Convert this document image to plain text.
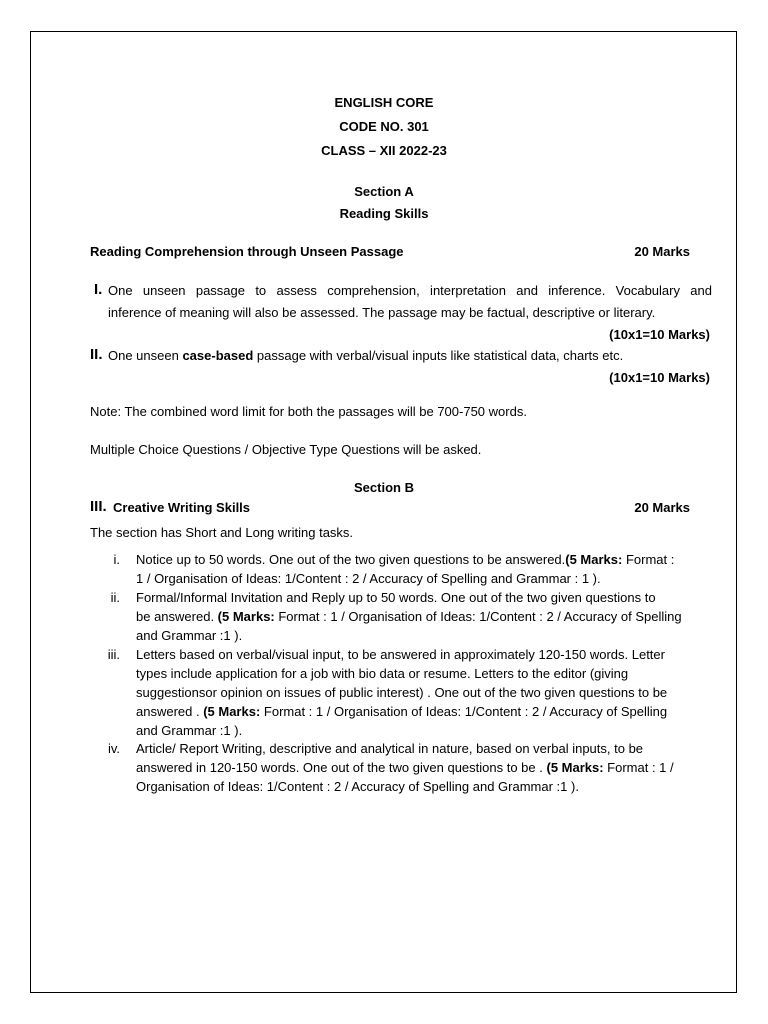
ENGLISH CORE
CODE NO. 301
CLASS – XII 2022-23
Section A
Reading Skills
Reading Comprehension through Unseen Passage	20 Marks
I. One unseen passage to assess comprehension, interpretation and inference. Vocabulary and
inference of meaning will also be assessed. The passage may be factual, descriptive or literary.
(10x1=10 Marks)
II. One unseen case-based passage with verbal/visual inputs like statistical data, charts etc.
(10x1=10 Marks)
Note: The combined word limit for both the passages will be 700-750 words.
Multiple Choice Questions / Objective Type Questions will be asked.
Section B
III. Creative Writing Skills	20 Marks
The section has Short and Long writing tasks.
i. Notice up to 50 words. One out of the two given questions to be answered.(5 Marks: Format :
1 / Organisation of Ideas: 1/Content : 2 / Accuracy of Spelling and Grammar : 1 ).
ii. Formal/Informal Invitation and Reply up to 50 words. One out of the two given questions to
be answered. (5 Marks: Format : 1 / Organisation of Ideas: 1/Content : 2 / Accuracy of Spelling
and Grammar :1 ).
iii. Letters based on verbal/visual input, to be answered in approximately 120-150 words. Letter
types include application for a job with bio data or resume. Letters to the editor (giving
suggestionsor opinion on issues of public interest) . One out of the two given questions to be
answered . (5 Marks: Format : 1 / Organisation of Ideas: 1/Content : 2 / Accuracy of Spelling
and Grammar :1 ).
iv. Article/ Report Writing, descriptive and analytical in nature, based on verbal inputs, to be
answered in 120-150 words. One out of the two given questions to be . (5 Marks: Format : 1 /
Organisation of Ideas: 1/Content : 2 / Accuracy of Spelling and Grammar :1 ).
